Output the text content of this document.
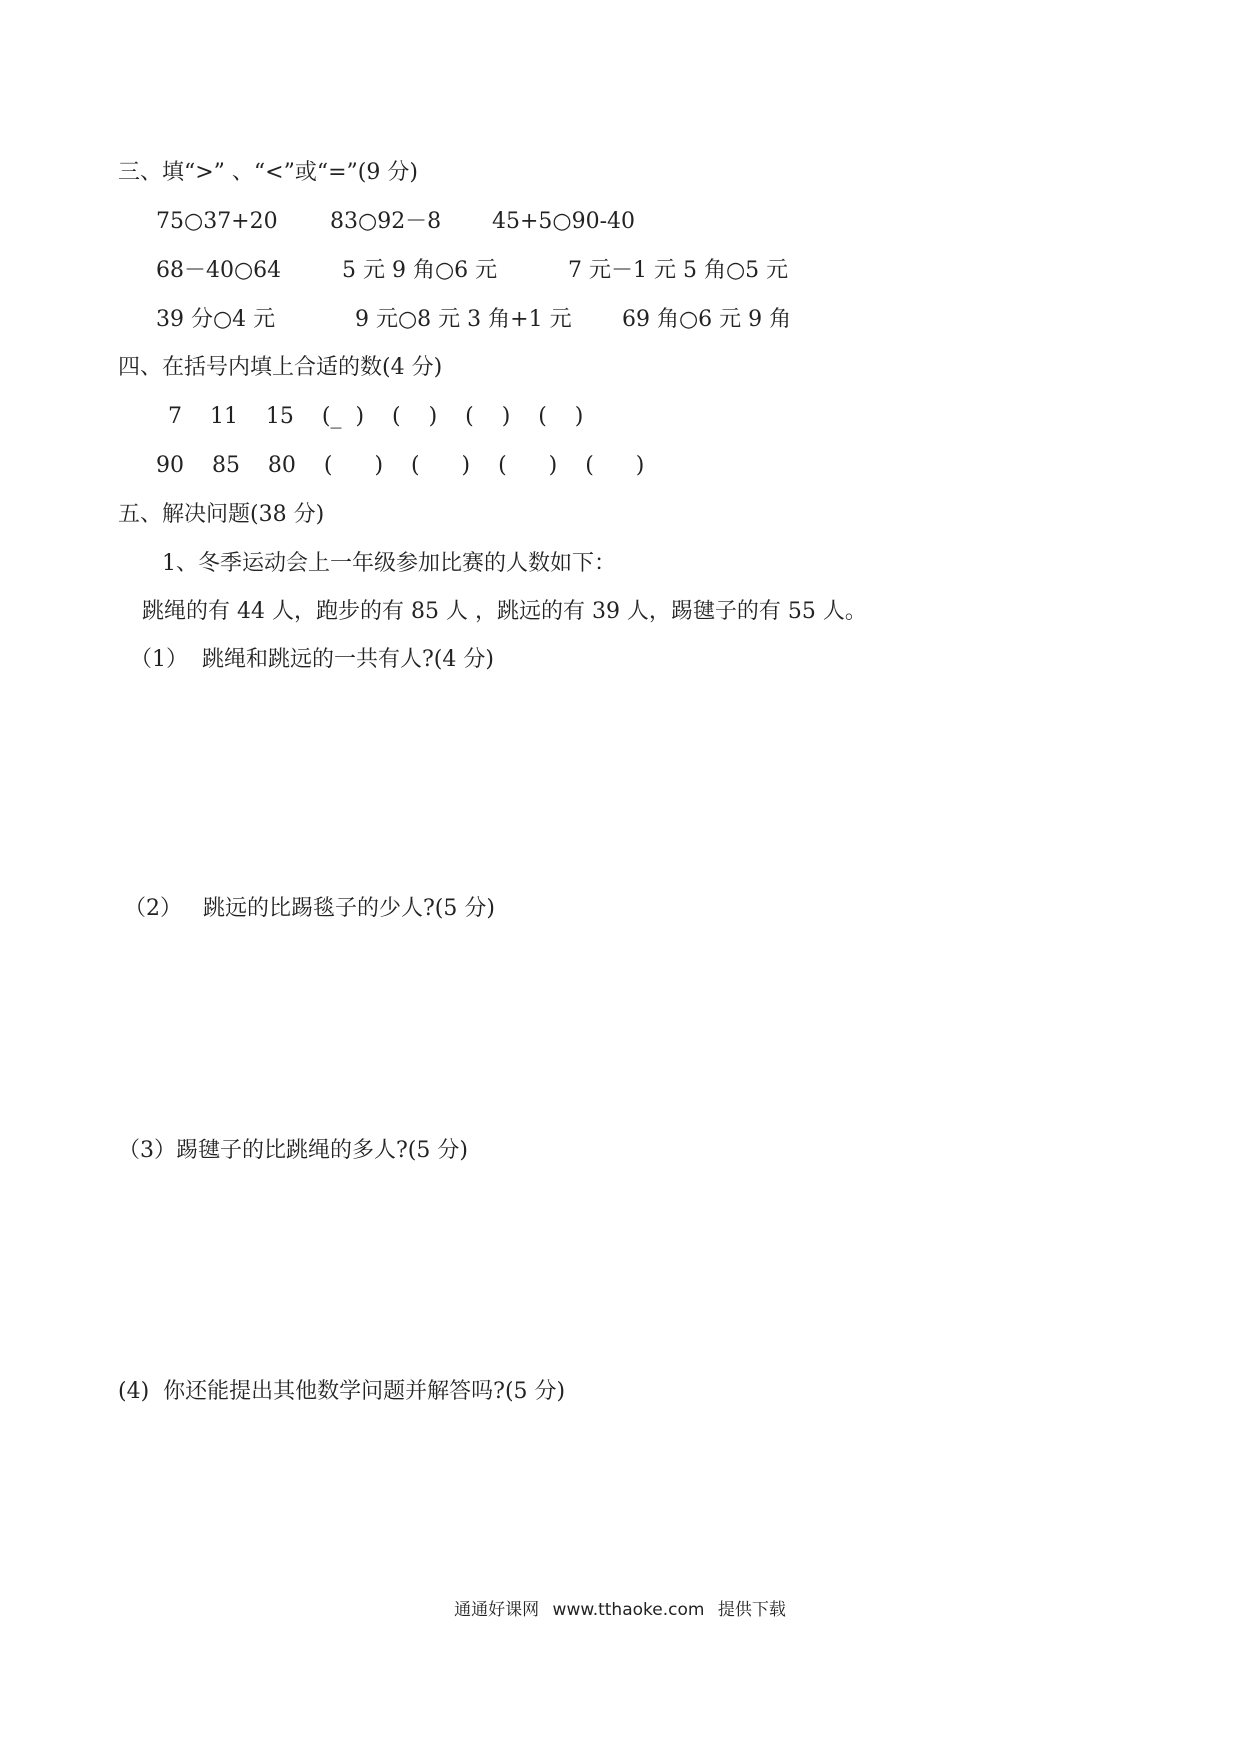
三、填“>” 、“<”或“=”(9 分)
75○37+20 83○92－8 45+5○90-40
68－40○64	5 元 9 角○6 元	7 元－1 元 5 角○5 元
39 分○4 元	9 元○8 元 3 角+1 元 69 角○6 元 9 角
四、在括号内填上合适的数(4 分)
7    11    15    (_  )    (    )    (    )    (    )
90    85    80    (      )    (      )    (      )    (      )
五、解决问题(38 分)
1、冬季运动会上一年级参加比赛的人数如下：
跳绳的有 44 人，跑步的有 85 人 ，跳远的有 39 人，踢毽子的有 55 人。
（1）  跳绳和跳远的一共有人?(4 分)
（2）   跳远的比踢毯子的少人?(5 分)
（3）踢毽子的比跳绳的多人?(5 分)
(4)  你还能提出其他数学问题并解答吗?(5 分)
通通好课网 www.tthaoke.com 提供下载
